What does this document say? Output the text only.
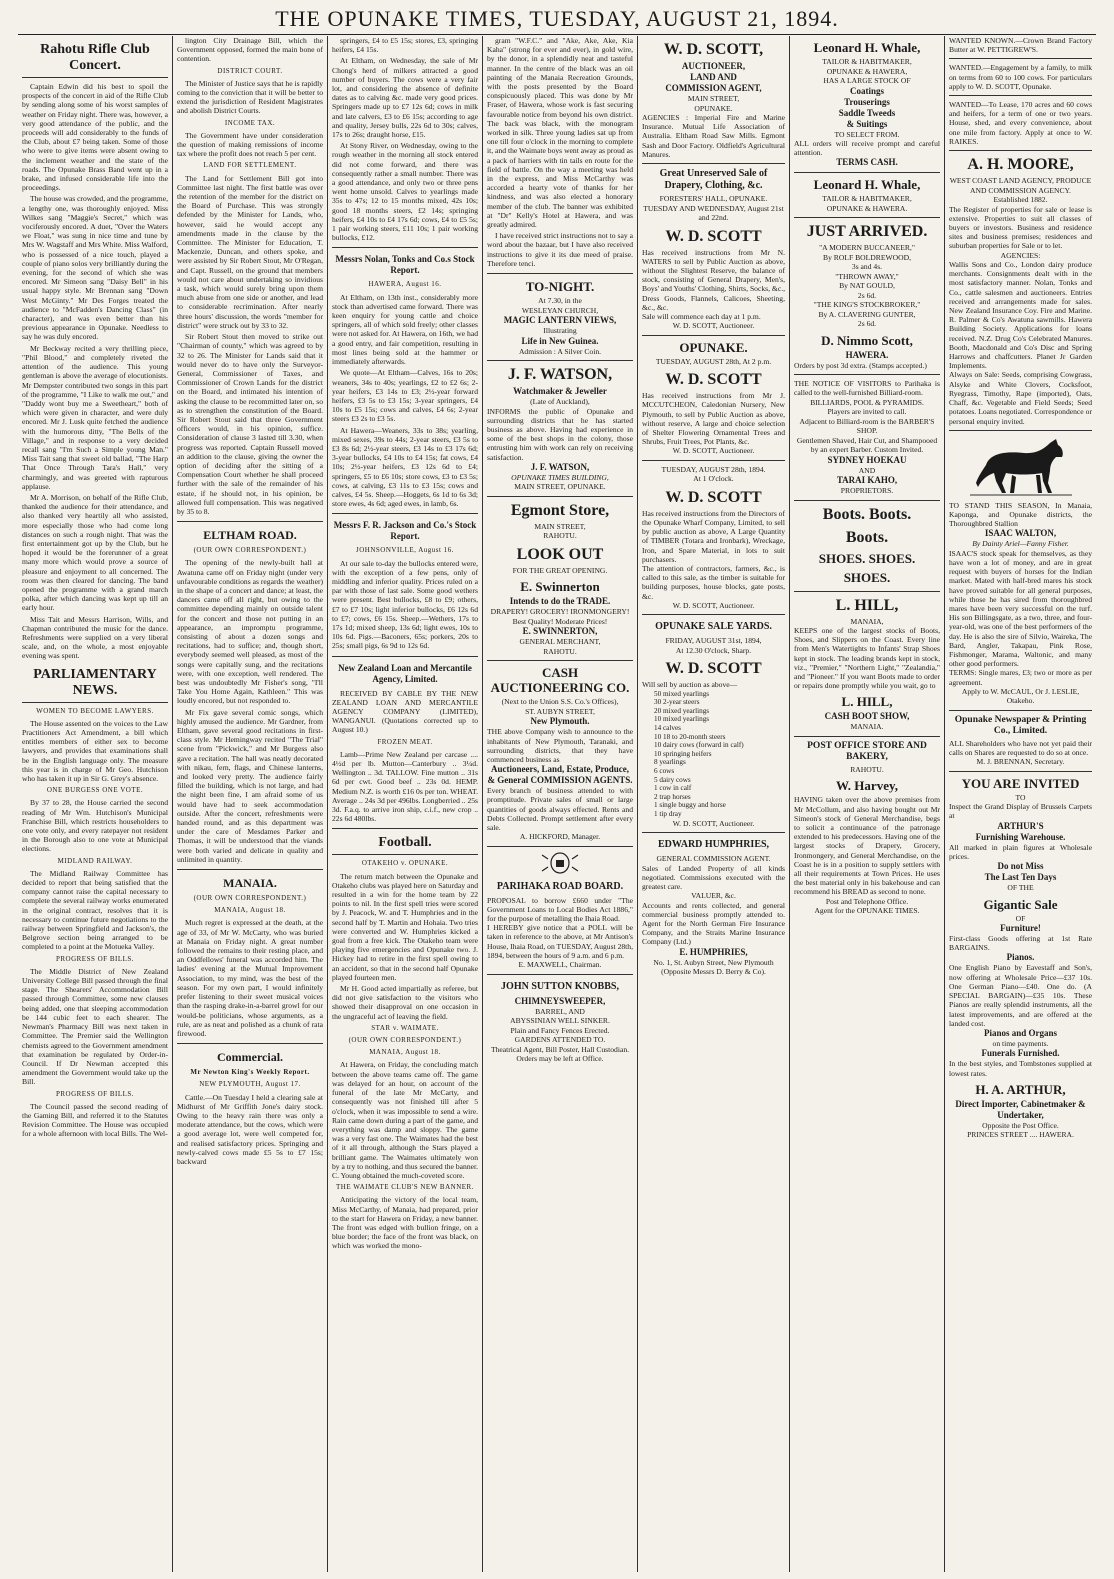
THE OPUNAKE TIMES, TUESDAY, AUGUST 21, 1894.
Rahotu Rifle Club Concert.

Captain Edwin did his best to spoil the prospects of the concert in aid of the Rifle Club by sending along some of his worst samples of weather on Friday night. There was, however, a very good attendance of the public, and the proceeds will add considerably to the funds of the Club, about £7 being taken. Some of those who were to give items were absent owing to the inclement weather and the state of the roads. The Opunake Brass Band went up in a brake, and infused considerable life into the proceedings.

The house was crowded, and the programme, a lengthy one, was thoroughly enjoyed. Miss Wilkes sang "Maggie's Secret," which was vociferously encored. A duet, "Over the Waters we Float," was sung in nice time and tune by Mrs W. Wagstaff and Mrs White. Miss Walford, who is possessed of a nice touch, played a couple of piano solos very brilliantly during the evening, for the second of which she was encored. Mr Simeon sang "Daisy Bell" in his usual happy style. Mr Brennan sang "Down West McGinty." Mr Des Forges treated the audience to "McFadden's Dancing Class" (in character), and was even better than his previous appearance in Opunake. Needless to say he was duly encored.

Mr Beckway recited a very thrilling piece, "Phil Blood," and completely riveted the attention of the audience. This young gentleman is above the average of elocutionists. Mr Dempster contributed two songs in this part of the programme, "I Like to walk me out," and "Daddy wont buy me a Sweetheart," both of which were given in character, and were duly encored. Mr J. Lusk quite fetched the audience with the humorous ditty, "The Bells of the Village," and in response to a very decided recall sang "I'm Such a Simple young Man." Miss Tait sang that sweet old ballad, "The Harp That Once Through Tara's Hall," very charmingly, and was greeted with rapturous applause.

Mr A. Morrison, on behalf of the Rifle Club, thanked the audience for their attendance, and also thanked very heartily all who assisted, more especially those who had come long distances on such a rough night. That was the first entertainment got up by the Club, but he hoped it would be the forerunner of a great many more which would prove a source of pleasure and enjoyment to all concerned. The room was then cleared for dancing. The band opened the programme with a grand march polka, after which dancing was kept up till an early hour.

Miss Tait and Messrs Harrison, Wills, and Chapman contributed the music for the dance. Refreshments were supplied on a very liberal scale, and, on the whole, a most enjoyable evening was spent.

PARLIAMENTARY NEWS.
WOMEN TO BECOME LAWYERS.

The House assented on the voices to the Law Practitioners Act Amendment, a bill which entitles members of either sex to become lawyers, and provides that examinations shall be in the English language only. The measure this year is in charge of Mr Geo. Hutchison who has taken it up in Sir G. Grey's absence.

ONE BURGESS ONE VOTE.

By 37 to 28, the House carried the second reading of Mr Wm. Hutchison's Municipal Franchise Bill, which restricts householders to one vote only, and every ratepayer not resident in the Borough also to one vote at Municipal elections.

MIDLAND RAILWAY.

The Midland Railway Committee has decided to report that being satisfied that the company cannot raise the capital necessary to complete the several railway works enumerated in the original contract, resolves that it is necessary to continue future negotiations to the railway between Springfield and Jackson's, the Belgrove section being arranged to be completed to a point at the Motueka Valley.

PROGRESS OF BILLS.

The Middle District of New Zealand University College Bill passed through the final stage. The Shearers' Accommodation Bill passed through Committee, some new clauses being added, one that sleeping accommodation be 144 cubic feet to each shearer. The Newman's Pharmacy Bill was next taken in Committee. The Premier said the Wellington chemists agreed to the Government amendment that examination be regulated by Order-in-Council. If Dr Newman accepted this amendment the Government would take up the Bill.

PROGRESS OF BILLS.

The Council passed the second reading of the Gaming Bill, and referred it to the Statutes Revision Committee. The House was occupied for a whole afternoon with local Bills. The Wel-

lington City Drainage Bill, which the Government opposed, formed the main bone of contention.

DISTRICT COURT.

The Minister of Justice says that he is rapidly coming to the conviction that it will be better to extend the jurisdiction of Resident Magistrates and abolish District Courts.

INCOME TAX.

The Government have under consideration the question of making remissions of income tax where the profit does not reach 5 per cent.

LAND FOR SETTLEMENT.

The Land for Settlement Bill got into Committee last night. The first battle was over the retention of the member for the district on the Board of Purchase. This was strongly defended by the Minister for Lands, who, however, said he would accept any amendments made in the clause by the Committee. The Minister for Education, T. Mackenzie, Duncan, and others spoke, and were assisted by Sir Robert Stout, Mr O'Regan, and Capt. Russell, on the ground that members would not care about undertaking so invidious a task, which would surely bring upon them much abuse from one side or another, and lead to considerable recrimination. After nearly three hours' discussion, the words "member for district" were struck out by 33 to 32.

Sir Robert Stout then moved to strike out "Chairman of county," which was agreed to by 32 to 26. The Minister for Lands said that it would never do to have only the Surveyor-General, Commissioner of Taxes, and Commissioner of Crown Lands for the district on the Board, and intimated his intention of asking the clause to be recommitted later on, so as to strengthen the constitution of the Board. Sir Robert Stout said that three Government officers would, in his opinion, suffice. Consideration of clause 3 lasted till 3.30, when progress was reported. Captain Russell moved an addition to the clause, giving the owner the option of deciding after the sitting of a Compensation Court whether he shall proceed further with the sale of the remainder of his estate, if he should not, in his opinion, be allowed full compensation. This was negatived by 35 to 8.

ELTHAM ROAD.
(OUR OWN CORRESPONDENT.)

The opening of the newly-built hall at Awatuna came off on Friday night (under very unfavourable conditions as regards the weather) in the shape of a concert and dance; at least, the dancers came off all right, but owing to the committee depending mainly on outside talent for the concert and those not putting in an appearance, an impromptu programme, consisting of about a dozen songs and recitations, had to suffice; and, though short, everybody seemed well pleased, as most of the songs were capitally sung, and the recitations were, with one exception, well rendered. The best was undoubtedly Mr Fisher's song, "I'll Take You Home Again, Kathleen." This was loudly encored, but not responded to.

Mr Fix gave several comic songs, which highly amused the audience. Mr Gardner, from Eltham, gave several good recitations in first-class style. Mr Hemingway recited "The Trial" scene from "Pickwick," and Mr Burgess also gave a recitation. The hall was neatly decorated with nikau, fern, flags, and Chinese lanterns, and looked very pretty. The audience fairly filled the building, which is not large, and had the night been fine, I am afraid some of us would have had to seek accommodation outside. After the concert, refreshments were handed round, and as this department was under the care of Mesdames Parker and Thomas, it will be understood that the viands were both varied and delicate in quality and unlimited in quantity.

MANAIA.
(OUR OWN CORRESPONDENT.)
MANAIA, August 18.

Much regret is expressed at the death, at the age of 33, of Mr W. McCarty, who was buried at Manaia on Friday night. A great number followed the remains to their resting place, and an Oddfellows' funeral was accorded him. The ladies' evening at the Mutual Improvement Association, to my mind, was the best of the season. For my own part, I would infinitely prefer listening to their sweet musical voices than the rasping drake-in-a-barrel growl for our would-be politicians, whose arguments, as a rule, are as neat and polished as a chunk of rata firewood.

Commercial.
Mr Newton King's Weekly Report.
NEW PLYMOUTH, August 17.

Cattle.—On Tuesday I held a clearing sale at Midhurst of Mr Griffith Jone's dairy stock. Owing to the heavy rain there was only a moderate attendance, but the cows, which were a good average lot, were well competed for, and realised satisfactory prices. Springing and newly-calved cows made £5 5s to £7 15s; backward

springers, £4 to £5 15s; stores, £3, springing heifers, £4 15s.

At Eltham, on Wednesday, the sale of Mr Chong's herd of milkers attracted a good number of buyers. The cows were a very fair lot, and considering the absence of definite dates as to calving &c. made very good prices. Springers made up to £7 12s 6d; cows in milk and late calvers, £3 to £6 15s; according to age and quality, Jersey bulls, 22s 6d to 30s; calves, 17s to 26s; draught horse, £15.

At Stony River, on Wednesday, owing to the rough weather in the morning all stock entered did not come forward, and there was consequently rather a small number. There was a good attendance, and only two or three pens went home unsold. Calves to yearlings made 35s to 47s; 12 to 15 months mixed, 42s 10s; good 18 months steers, £2 14s; springing heifers, £4 10s to £4 17s 6d; cows, £4 to £5 5s; 1 pair working steers, £11 10s; 1 pair working bullocks, £12.

Messrs Nolan, Tonks and Co.s Stock Report.
HAWERA, August 16.

At Eltham, on 13th inst., considerably more stock than advertised came forward. There was keen enquiry for young cattle and choice springers, all of which sold freely; other classes were not asked for. At Hawera, on 16th, we had a good entry, and fair competition, resulting in most lines being sold at the hammer or immediately afterwards.

We quote—At Eltham—Calves, 16s to 20s; weaners, 34s to 40s; yearlings, £2 to £2 6s; 2-year heifers, £3 14s to £3; 2½-year forward heifers, £3 5s to £3 15s; 3-year springers, £4 10s to £5 15s; cows and calves, £4 6s; 2-year steers £3 2s to £3 5s.

At Hawera—Weaners, 33s to 38s; yearling, mixed sexes, 39s to 44s; 2-year steers, £3 5s to £3 8s 6d; 2½-year steers, £3 14s to £3 17s 6d; 3-year bullocks, £4 10s to £4 15s; fat cows, £4 10s; 2½-year heifers, £3 12s 6d to £4; springers, £5 to £6 10s; store cows, £3 to £3 5s; cows, at calving, £3 11s to £3 15s; cows and calves, £4 5s. Sheep.—Hoggets, 6s 1d to 6s 3d; store ewes, 4s 6d; aged ewes, in lamb, 6s.

Messrs F. R. Jackson and Co.'s Stock Report.
JOHNSONVILLE, August 16.

At our sale to-day the bullocks entered were, with the exception of a few pens, only of middling and inferior quality. Prices ruled on a par with those of last sale. Some good wethers were present. Best bullocks, £8 to £9; others, £7 to £7 10s; light inferior bullocks, £6 12s 6d to £7; cows, £6 15s. Sheep.—Wethers, 17s to 17s 1d; mixed sheep, 13s 6d; light ewes, 10s to 10s 6d. Pigs.—Baconers, 65s; porkers, 20s to 25s; small pigs, 6s 9d to 12s 6d.

New Zealand Loan and Mercantile Agency, Limited.

RECEIVED BY CABLE BY THE NEW ZEALAND LOAN AND MERCANTILE AGENCY COMPANY (LIMITED), WANGANUI. (Quotations corrected up to August 10.)

FROZEN MEAT.

Lamb—Prime New Zealand per carcase .... 4½d per lb. Mutton—Canterbury .. 3¼d. Wellington .. 3d. TALLOW. Fine mutton .. 31s 6d per cwt. Good beef .. 23s 0d. HEMP. Medium N.Z. is worth £16 0s per ton. WHEAT. Average .. 24s 3d per 496lbs. Longberried .. 25s 3d. F.a.q. to arrive iron ship, c.i.f., new crop .. 22s 6d 480lbs.

Football.
OTAKEHO v. OPUNAKE.

The return match between the Opunake and Otakeho clubs was played here on Saturday and resulted in a win for the home team by 22 points to nil. In the first spell tries were scored by J. Peacock, W. and T. Humphries and in the second half by T. Martin and Hohaia. Two tries were converted and W. Humphries kicked a goal from a free kick. The Otakeho team were playing five emergencies and Opunake two. J. Hickey had to retire in the first spell owing to an accident, so that in the second half Opunake played fourteen men.

Mr H. Good acted impartially as referee, but did not give satisfaction to the visitors who showed their disapproval on one occasion in the ungraceful act of leaving the field.

STAR v. WAIMATE.
(OUR OWN CORRESPONDENT.)
MANAIA, August 18.

At Hawera, on Friday, the concluding match between the above teams came off. The game was delayed for an hour, on account of the funeral of the late Mr McCarty, and consequently was not finished till after 5 o'clock, when it was impossible to send a wire. Rain came down during a part of the game, and everything was damp and sloppy. The game was a very fast one. The Waimates had the best of it all through, although the Stars played a brilliant game. The Waimates ultimately won by a try to nothing, and thus secured the banner. C. Young obtained the much-coveted score.

THE WAIMATE CLUB'S NEW BANNER.

Anticipating the victory of the local team, Miss McCarthy, of Manaia, had prepared, prior to the start for Hawera on Friday, a new banner. The front was edged with bullion fringe, on a blue border; the face of the front was black, on which was worked the mono-

gram "W.F.C." and "Ake, Ake, Ake, Kia Kaha" (strong for ever and ever), in gold wire, by the donor, in a splendidly neat and tasteful manner. In the centre of the black was an oil painting of the Manaia Recreation Grounds, with the posts presented by the Board conspicuously placed. This was done by Mr Fraser, of Hawera, whose work is fast securing favourable notice from beyond his own district. The back was black, with the monogram worked in silk. Three young ladies sat up from one till four o'clock in the morning to complete it, and the Waimate boys went away as proud as a pack of harriers with tin tails en route for the field of battle. On the way a meeting was held in the express, and Miss McCarthy was accorded a hearty vote of thanks for her kindness, and was also elected a honorary member of the club. The banner was exhibited at "Dr" Kelly's Hotel at Hawera, and was greatly admired.

I have received strict instructions not to say a word about the bazaar, but I have also received instructions to give it its due meed of praise. Therefore tenci.

TO-NIGHT.
At 7.30, in the
WESLEYAN CHURCH,
MAGIC LANTERN VIEWS,
Illustrating
Life in New Guinea.
Admission : A Silver Coin.
J. F. WATSON,
Watchmaker & Jeweller
(Late of Auckland),
INFORMS the public of Opunake and surrounding districts that he has started business as above. Having had experience in some of the best shops in the colony, those entrusting him with work can rely on receiving satisfaction.
J. F. WATSON,
OPUNAKE TIMES BUILDING,
MAIN STREET, OPUNAKE.
Egmont Store,
MAIN STREET,
RAHOTU.
LOOK OUT
FOR THE GREAT OPENING.
E. Swinnerton
Intends to do the TRADE.
DRAPERY! GROCERY! IRONMONGERY!
Best Quality! Moderate Prices!
E. SWINNERTON,
GENERAL MERCHANT,
RAHOTU.
CASH AUCTIONEERING CO.
(Next to the Union S.S. Co.'s Offices),
ST. AUBYN STREET,
New Plymouth.
THE above Company wish to announce to the inhabitants of New Plymouth, Taranaki, and surrounding districts, that they have commenced business as
Auctioneers, Land, Estate, Produce, & General COMMISSION AGENTS.
Every branch of business attended to with promptitude. Private sales of small or large quantities of goods always effected. Rents and Debts Collected. Prompt settlement after every sale.
A. HICKFORD, Manager.
PARIHAKA ROAD BOARD.
PROPOSAL to borrow £660 under "The Government Loans to Local Bodies Act 1886," for the purpose of metalling the Ihaia Road.
I HEREBY give notice that a POLL will be taken in reference to the above, at Mr Antison's House, Ihaia Road, on TUESDAY, August 28th, 1894, between the hours of 9 a.m. and 6 p.m.
E. MAXWELL, Chairman.
JOHN SUTTON KNOBBS,
CHIMNEYSWEEPER,
BARREL, AND
ABYSSINIAN WELL SINKER.
Plain and Fancy Fences Erected.
GARDENS ATTENDED TO.
Theatrical Agent, Bill Poster, Hall Custodian.
Orders may be left at Office.
W. D. SCOTT,
AUCTIONEER,
LAND AND
COMMISSION AGENT,
MAIN STREET,
OPUNAKE.
AGENCIES : Imperial Fire and Marine Insurance. Mutual Life Association of Australia. Eltham Road Saw Mills. Egmont Sash and Door Factory. Oldfield's Agricultural Manures.
Great Unreserved Sale of Drapery, Clothing, &c.
FORESTERS' HALL, OPUNAKE.
TUESDAY AND WEDNESDAY, August 21st and 22nd.
W. D. SCOTT
Has received instructions from Mr N. WATERS to sell by Public Auction as above, without the Slightest Reserve, the balance of stock, consisting of General Drapery, Men's, Boys' and Youths' Clothing, Shirts, Socks, &c., Dress Goods, Flannels, Calicoes, Sheeting, &c., &c.
Sale will commence each day at 1 p.m.
W. D. SCOTT, Auctioneer.
OPUNAKE.
TUESDAY, AUGUST 28th, At 2 p.m.
W. D. SCOTT
Has received instructions from Mr J. MCCUTCHEON, Caledonian Nursery, New Plymouth, to sell by Public Auction as above, without reserve, A large and choice selection of Shelter Flowering Ornamental Trees and Shrubs, Fruit Trees, Pot Plants, &c.
W. D. SCOTT, Auctioneer.
TUESDAY, AUGUST 28th, 1894.
At 1 O'clock.
W. D. SCOTT
Has received instructions from the Directors of the Opunake Wharf Company, Limited, to sell by public auction as above, A Large Quantity of TIMBER (Totara and Ironbark), Wreckage, Iron, and Spare Material, in lots to suit purchasers.
The attention of contractors, farmers, &c., is called to this sale, as the timber is suitable for building purposes, house blocks, gate posts, &c.
W. D. SCOTT, Auctioneer.
OPUNAKE SALE YARDS.
FRIDAY, AUGUST 31st, 1894,
At 12.30 O'clock, Sharp.
W. D. SCOTT
Will sell by auction as above—
50 mixed yearlings
30 2-year steers
20 mixed yearlings
10 mixed yearlings
14 calves
10 18 to 20-month steers
10 dairy cows (forward in calf)
10 springing heifers
8 yearlings
6 cows
5 dairy cows
1 cow in calf
2 trap horses
1 single buggy and horse
1 tip dray
W. D. SCOTT, Auctioneer.
EDWARD HUMPHRIES,
GENERAL COMMISSION AGENT.
Sales of Landed Property of all kinds negotiated. Commissions executed with the greatest care.
VALUER, &c.
Accounts and rents collected, and general commercial business promptly attended to. Agent for the North German Fire Insurance Company, and the Straits Marine Insurance Company (Ltd.)
E. HUMPHRIES,
No. 1, St. Aubyn Street, New Plymouth
(Opposite Messrs D. Berry & Co).
Leonard H. Whale,
TAILOR & HABITMAKER,
OPUNAKE & HAWERA,
HAS A LARGE STOCK OF
Coatings
Trouserings
Saddle Tweeds
& Suitings
TO SELECT FROM.
ALL orders will receive prompt and careful attention.
TERMS CASH.
Leonard H. Whale,
TAILOR & HABITMAKER,
OPUNAKE & HAWERA.
JUST ARRIVED.
"A MODERN BUCCANEER,"
By ROLF BOLDREWOOD,
3s and 4s.
"THROWN AWAY,"
By NAT GOULD,
2s 6d.
"THE KING'S STOCKBROKER,"
By A. CLAVERING GUNTER,
2s 6d.
D. Nimmo Scott,
HAWERA.
Orders by post 3d extra. (Stamps accepted.)
THE NOTICE OF VISITORS to Parihaka is called to the well-furnished Billiard-room.
BILLIARDS, POOL & PYRAMIDS.
Players are invited to call.
Adjacent to Billiard-room is the BARBER'S SHOP.
Gentlemen Shaved, Hair Cut, and Shampooed by an expert Barber. Custom Invited.
SYDNEY HOEKAU
AND
TARAI KAHO,
PROPRIETORS.
Boots. Boots.
Boots.
SHOES. SHOES.
SHOES.
L. HILL,
MANAIA,
KEEPS one of the largest stocks of Boots, Shoes, and Slippers on the Coast. Every line from Men's Watertights to Infants' Strap Shoes kept in stock. The leading brands kept in stock, viz., "Premier," "Northern Light," "Zealandia," and "Pioneer." If you want Boots made to order or repairs done promptly while you wait, go to
L. HILL,
CASH BOOT SHOW,
MANAIA.
POST OFFICE STORE AND BAKERY,
RAHOTU.
W. Harvey,
HAVING taken over the above premises from Mr McCollum, and also having bought out Mr Simeon's stock of General Merchandise, begs to solicit a continuance of the patronage extended to his predecessors. Having one of the largest stocks of Drapery, Grocery, Ironmongery, and General Merchandise, on the Coast he is in a position to supply settlers with all their requirements at Town Prices. He uses the best material only in his bakehouse and can recommend his BREAD as second to none.
Post and Telephone Office.
Agent for the OPUNAKE TIMES.
WANTED KNOWN.—Crown Brand Factory Butter at W. PETTIGREW'S.
WANTED.—Engagement by a family, to milk on terms from 60 to 100 cows. For particulars apply to W. D. SCOTT, Opunake.
WANTED—To Lease, 170 acres and 60 cows and heifers, for a term of one or two years. House, shed, and every convenience, about one mile from factory. Apply at once to W. RAIKES.
A. H. MOORE,
WEST COAST LAND AGENCY, PRODUCE AND COMMISSION AGENCY.
Established 1882.
The Register of properties for sale or lease is extensive. Properties to suit all classes of buyers or investors. Business and residence sites and business premises; residences and suburban properties for Sale or to let.
AGENCIES:
Wallis Sons and Co., London dairy produce merchants. Consignments dealt with in the most satisfactory manner. Nolan, Tonks and Co., cattle salesmen and auctioneers. Entries received and arrangements made for sales. New Zealand Insurance Coy. Fire and Marine. R. Palmer & Co's Awatuna sawmills. Hawera Building Society. Applications for loans received. N.Z. Drug Co's Celebrated Manures. Booth, Macdonald and Co's Disc and Spring Harrows and chaffcutters. Planet Jr Garden Implements.
Always on Sale: Seeds, comprising Cowgrass, Alsyke and White Clovers, Cocksfoot, Ryegrass, Timothy, Rape (imported), Oats, Chaff, &c. Vegetable and Field Seeds; Seed potatoes. Loans negotiated. Correspondence or personal enquiry invited.
TO STAND THIS SEASON, In Manaia, Kaponga, and Opunake districts, the Thoroughbred Stallion
ISAAC WALTON,
By Dainty Ariel—Fanny Fisher.
ISAAC'S stock speak for themselves, as they have won a lot of money, and are in great request with buyers of horses for the Indian market. Mated with half-bred mares his stock have proved suitable for all general purposes, while those he has sired from thoroughbred mares have been very successful on the turf. His son Billingsgate, as a two, three, and four-year-old, was one of the best performers of the day. He is also the sire of Silvio, Waireka, The Bard, Angler, Takapau, Pink Rose, Fishmonger, Marama, Waltonic, and many other good performers.
TERMS: Single mares, £3; two or more as per agreement.
Apply to W. McCAUL, Or J. LESLIE, Otakeho.
Opunake Newspaper & Printing Co., Limited.
ALL Shareholders who have not yet paid their calls on Shares are requested to do so at once.
M. J. BRENNAN, Secretary.
YOU ARE INVITED
TO
Inspect the Grand Display of Brussels Carpets at
ARTHUR'S
Furnishing Warehouse.
All marked in plain figures at Wholesale prices.
Do not Miss
The Last Ten Days
OF THE
Gigantic Sale
OF
Furniture!
First-class Goods offering at 1st Rate BARGAINS.
Pianos.
One English Piano by Eavestaff and Son's, now offering at Wholesale Price—£37 10s. One German Piano—£40. One do. (A SPECIAL BARGAIN)—£35 10s. These Pianos are really splendid instruments, all the latest improvements, and are offered at the landed cost.
Pianos and Organs
on time payments.
Funerals Furnished.
In the best styles, and Tombstones supplied at lowest rates.
H. A. ARTHUR,
Direct Importer, Cabinetmaker & Undertaker,
Opposite the Post Office.
PRINCES STREET .... HAWERA.
